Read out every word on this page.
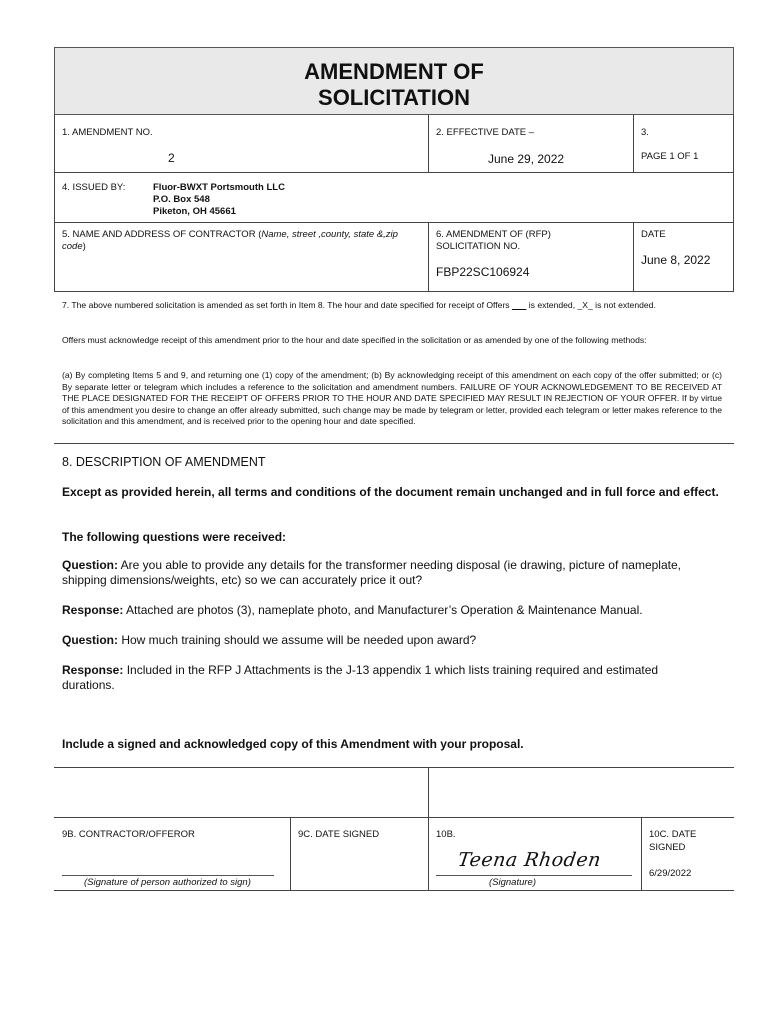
AMENDMENT OF
SOLICITATION
1. AMENDMENT NO.
2
2. EFFECTIVE DATE –
June 29, 2022
3.
PAGE 1 OF 1
4. ISSUED BY:	Fluor-BWXT Portsmouth LLC
P.O. Box 548
Piketon, OH 45661
5. NAME AND ADDRESS OF CONTRACTOR (Name, street ,county, state &,zip code)
6. AMENDMENT OF (RFP)
SOLICITATION NO.
FBP22SC106924
DATE
June 8, 2022
7. The above numbered solicitation is amended as set forth in Item 8. The hour and date specified for receipt of Offers ___ is extended, _X_ is not extended.
Offers must acknowledge receipt of this amendment prior to the hour and date specified in the solicitation or as amended by one of the following methods:
(a) By completing Items 5 and 9, and returning one (1) copy of the amendment; (b) By acknowledging receipt of this amendment on each copy of the offer submitted; or (c) By separate letter or telegram which includes a reference to the solicitation and amendment numbers. FAILURE OF YOUR ACKNOWLEDGEMENT TO BE RECEIVED AT THE PLACE DESIGNATED FOR THE RECEIPT OF OFFERS PRIOR TO THE HOUR AND DATE SPECIFIED MAY RESULT IN REJECTION OF YOUR OFFER. If by virtue of this amendment you desire to change an offer already submitted, such change may be made by telegram or letter, provided each telegram or letter makes reference to the solicitation and this amendment, and is received prior to the opening hour and date specified.
8. DESCRIPTION OF AMENDMENT
Except as provided herein, all terms and conditions of the document remain unchanged and in full force and effect.
The following questions were received:
Question: Are you able to provide any details for the transformer needing disposal (ie drawing, picture of nameplate, shipping dimensions/weights, etc) so we can accurately price it out?
Response: Attached are photos (3), nameplate photo, and Manufacturer’s Operation & Maintenance Manual.
Question: How much training should we assume will be needed upon award?
Response: Included in the RFP J Attachments is the J-13 appendix 1 which lists training required and estimated durations.
Include a signed and acknowledged copy of this Amendment with your proposal.
9B. CONTRACTOR/OFFEROR
(Signature of person authorized to sign)
9C. DATE SIGNED	10B.
Teena Rhoden
(Signature)
10C. DATE
SIGNED
6/29/2022
